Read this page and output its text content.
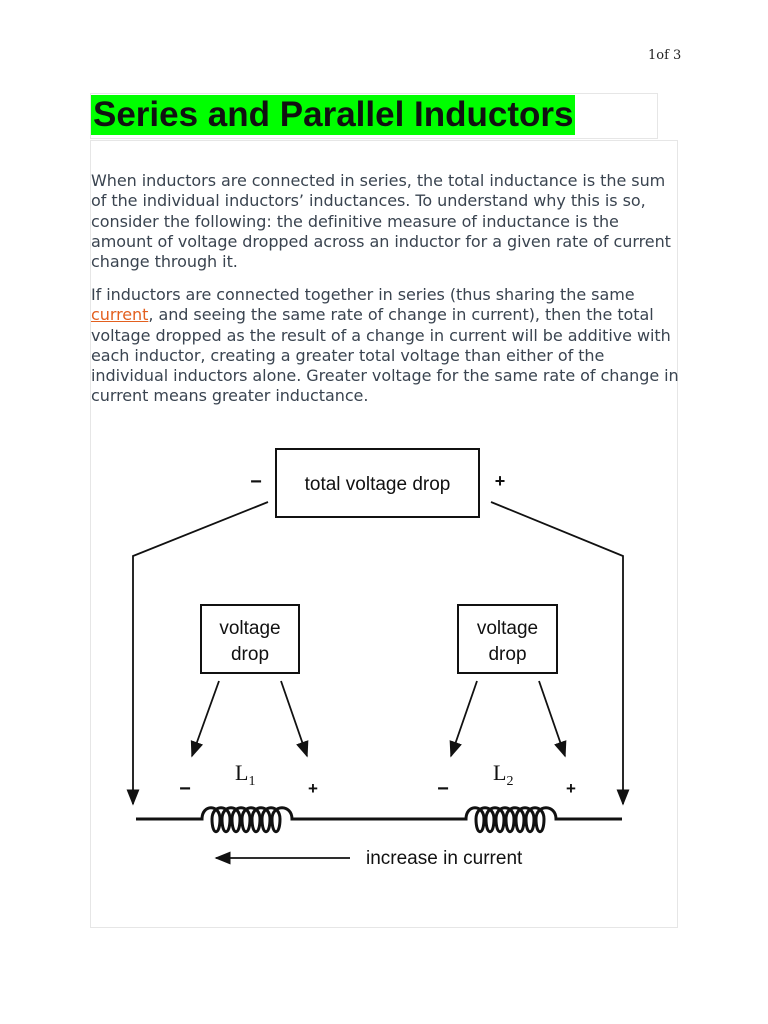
1of 3
Series and Parallel Inductors

When inductors are connected in series, the total inductance is the sum of the individual inductors’ inductances. To understand why this is so, consider the following: the definitive measure of inductance is the amount of voltage dropped across an inductor for a given rate of current change through it.

If inductors are connected together in series (thus sharing the same current, and seeing the same rate of change in current), then the total voltage dropped as the result of a change in current will be additive with each inductor, creating a greater total voltage than either of the individual inductors alone. Greater voltage for the same rate of change in current means greater inductance.

total voltage drop
−	+
voltage
drop
voltage
drop
$L_1$	$L_2$
−	+	−	+
increase in current
